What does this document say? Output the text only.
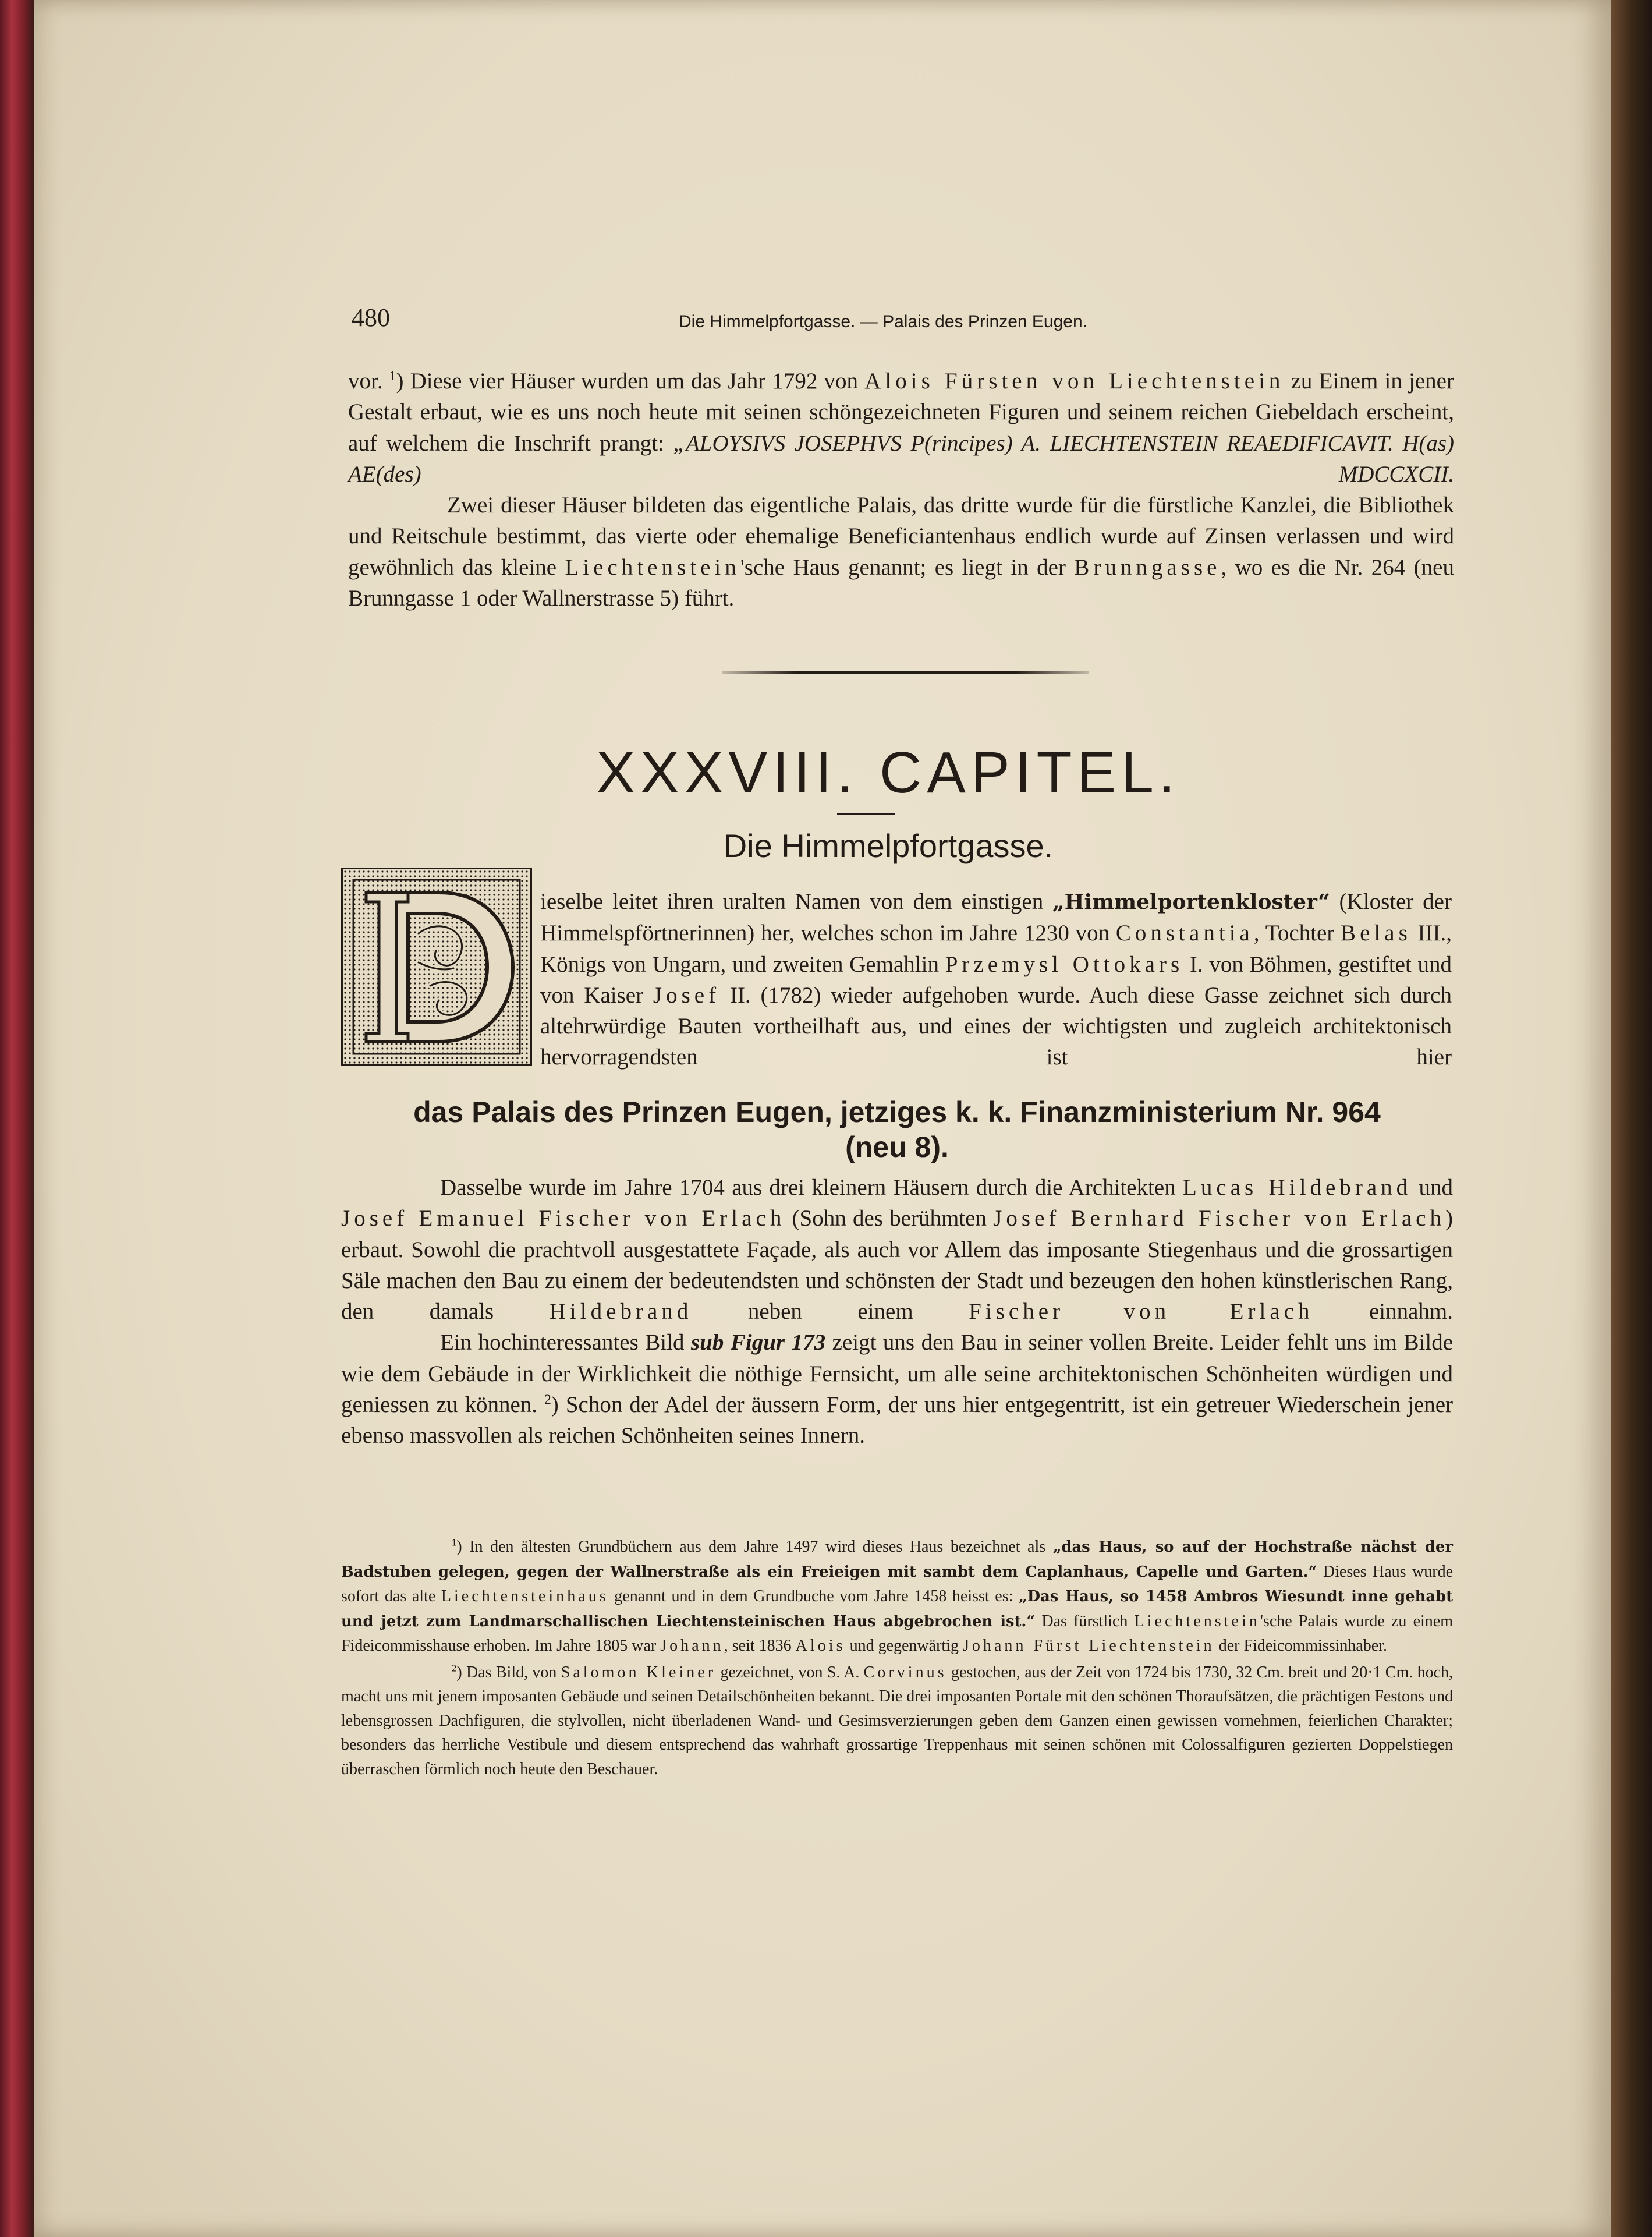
480	Die Himmelpfortgasse. — Palais des Prinzen Eugen.

vor. $^1$) Diese vier Häuser wurden um das Jahr 1792 von Alois Fürsten von Liechtenstein zu Einem in jener Gestalt erbaut, wie es uns noch heute mit seinen schöngezeichneten Figuren und seinem reichen Giebeldach erscheint, auf welchem die Inschrift prangt: „ALOYSIVS JOSEPHVS P(rincipes) A. LIECHTENSTEIN REAEDIFICAVIT. H(as) AE(des) MDCCXCII.

Zwei dieser Häuser bildeten das eigentliche Palais, das dritte wurde für die fürstliche Kanzlei, die Bibliothek und Reitschule bestimmt, das vierte oder ehemalige Beneficiantenhaus endlich wurde auf Zinsen verlassen und wird gewöhnlich das kleine Liechtenstein'sche Haus genannt; es liegt in der Brunngasse, wo es die Nr. 264 (neu Brunngasse 1 oder Wallnerstrasse 5) führt.

XXXVIII. CAPITEL.
Die Himmelpfortgasse.

ieselbe leitet ihren uralten Namen von dem einstigen „Himmelportenkloster“ (Kloster der Himmelspförtnerinnen) her, welches schon im Jahre 1230 von Constantia, Tochter Belas III., Königs von Ungarn, und zweiten Gemahlin Przemysl Ottokars I. von Böhmen, gestiftet und von Kaiser Josef II. (1782) wieder aufgehoben wurde. Auch diese Gasse zeichnet sich durch altehrwürdige Bauten vortheilhaft aus, und eines der wichtigsten und zugleich architektonisch hervorragendsten ist hier

das Palais des Prinzen Eugen, jetziges k. k. Finanzministerium Nr. 964
(neu 8).

Dasselbe wurde im Jahre 1704 aus drei kleinern Häusern durch die Architekten Lucas Hildebrand und Josef Emanuel Fischer von Erlach (Sohn des berühmten Josef Bernhard Fischer von Erlach) erbaut. Sowohl die prachtvoll ausgestattete Façade, als auch vor Allem das imposante Stiegenhaus und die grossartigen Säle machen den Bau zu einem der bedeutendsten und schönsten der Stadt und bezeugen den hohen künstlerischen Rang, den damals Hildebrand neben einem Fischer von Erlach einnahm.

Ein hochinteressantes Bild sub Figur 173 zeigt uns den Bau in seiner vollen Breite. Leider fehlt uns im Bilde wie dem Gebäude in der Wirklichkeit die nöthige Fernsicht, um alle seine architektonischen Schönheiten würdigen und geniessen zu können. $^2$) Schon der Adel der äussern Form, der uns hier entgegentritt, ist ein getreuer Wiederschein jener ebenso massvollen als reichen Schönheiten seines Innern.

$^1$) In den ältesten Grundbüchern aus dem Jahre 1497 wird dieses Haus bezeichnet als „das Haus, so auf der Hochstraße nächst der Badstuben gelegen, gegen der Wallnerstraße als ein Freieigen mit sambt dem Caplanhaus, Capelle und Garten.“ Dieses Haus wurde sofort das alte Liechtensteinhaus genannt und in dem Grundbuche vom Jahre 1458 heisst es: „Das Haus, so 1458 Ambros Wiesundt inne gehabt und jetzt zum Landmarschallischen Liechtensteinischen Haus abgebrochen ist.“ Das fürstlich Liechtenstein'sche Palais wurde zu einem Fideicommisshause erhoben. Im Jahre 1805 war Johann, seit 1836 Alois und gegenwärtig Johann Fürst Liechtenstein der Fideicommissinhaber.

$^2$) Das Bild, von Salomon Kleiner gezeichnet, von S. A. Corvinus gestochen, aus der Zeit von 1724 bis 1730, 32 Cm. breit und 20·1 Cm. hoch, macht uns mit jenem imposanten Gebäude und seinen Detailschönheiten bekannt. Die drei imposanten Portale mit den schönen Thoraufsätzen, die prächtigen Festons und lebensgrossen Dachfiguren, die stylvollen, nicht überladenen Wand- und Gesimsverzierungen geben dem Ganzen einen gewissen vornehmen, feierlichen Charakter; besonders das herrliche Vestibule und diesem entsprechend das wahrhaft grossartige Treppenhaus mit seinen schönen mit Colossalfiguren gezierten Doppelstiegen überraschen förmlich noch heute den Beschauer.
